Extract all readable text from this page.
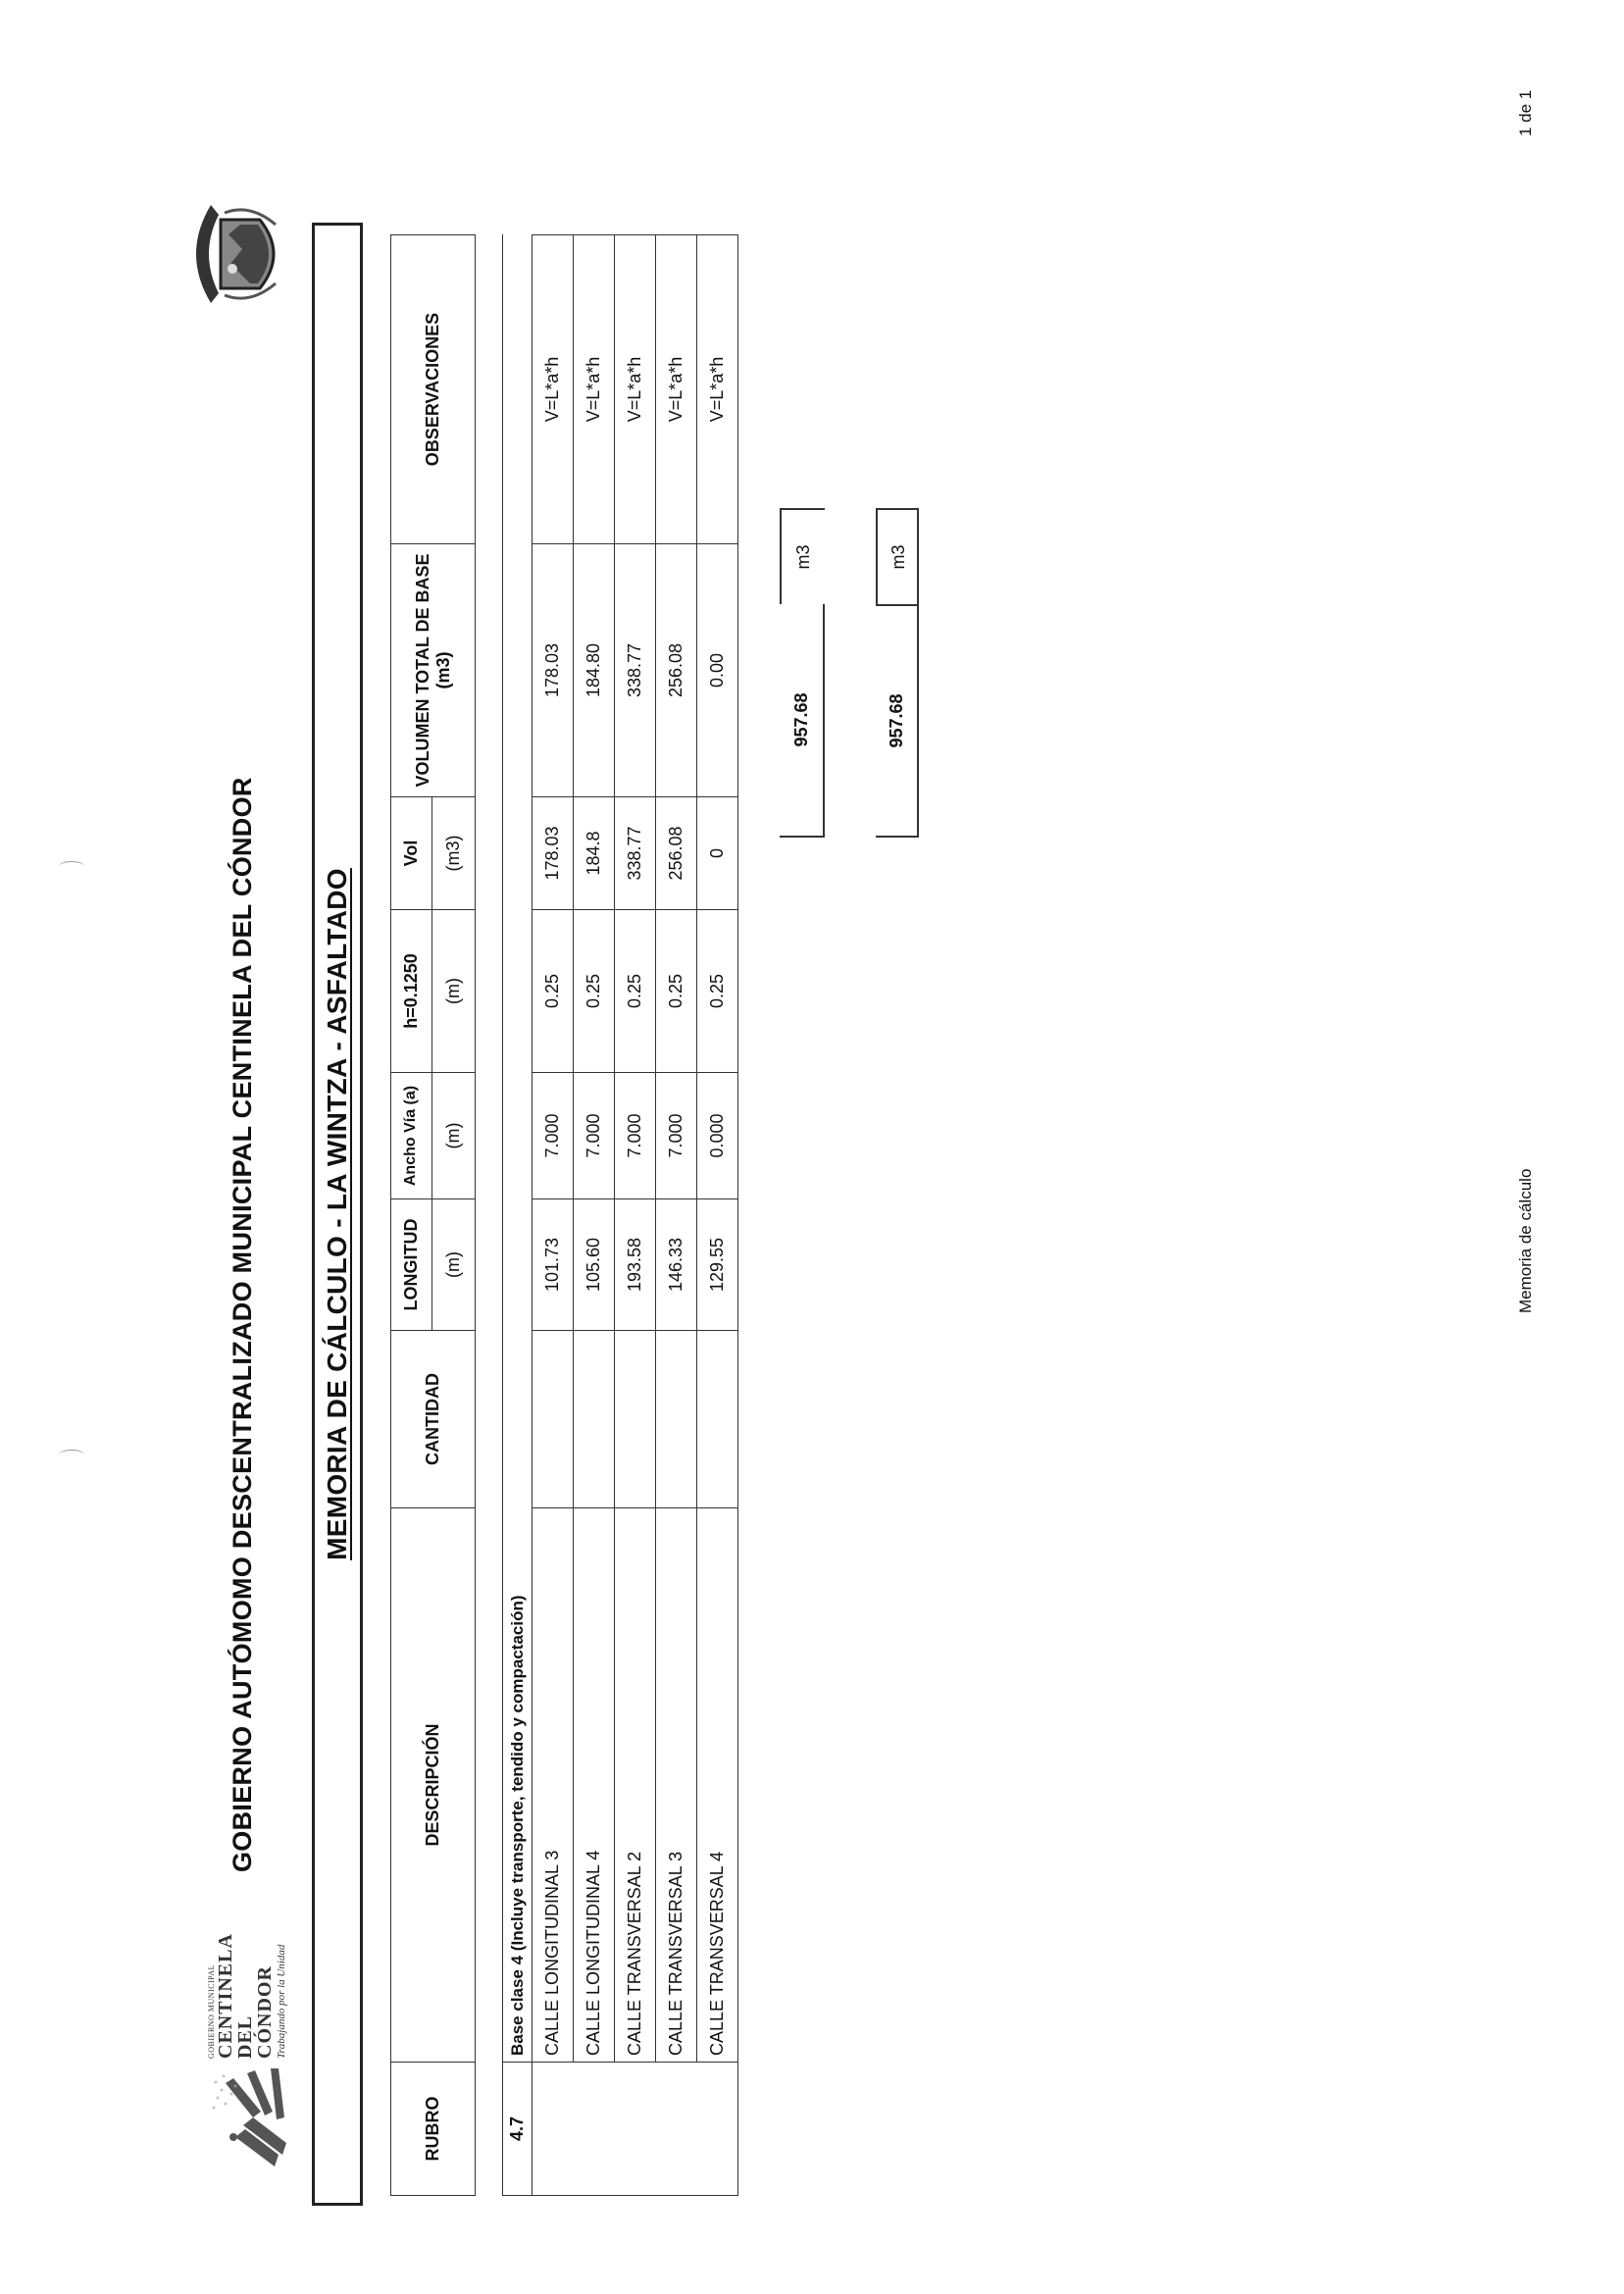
GOBIERNO MUNICIPAL CENTINELA
DEL CÓNDOR Trabajando por la Unidad
GOBIERNO AUTÓMOMO DESCENTRALIZADO MUNICIPAL CENTINELA DEL CÓNDOR MEMORIA DE CÁLCULO - LA WINTZA - ASFALTADO
RUBRO	DESCRIPCIÓN	CANTIDAD	LONGITUD	Ancho Vía (a)	h=0.1250	Vol	VOLUMEN TOTAL DE BASE (m3)	OBSERVACIONES
			(m)	(m)	(m)	(m3)		

4.7	Base clase 4 (Incluye transporte, tendido y compactación)							
	CALLE LONGITUDINAL 3		101.73	7.000	0.25	178.03	178.03	V=L*a*h
	CALLE LONGITUDINAL 4		105.60	7.000	0.25	184.8	184.80	V=L*a*h
	CALLE TRANSVERSAL 2		193.58	7.000	0.25	338.77	338.77	V=L*a*h
	CALLE TRANSVERSAL 3		146.33	7.000	0.25	256.08	256.08	V=L*a*h
	CALLE TRANSVERSAL 4		129.55	0.000	0.25	0	0.00	V=L*a*h
957.68
m3
957.68
m3
Memoria de cálculo
1 de 1
